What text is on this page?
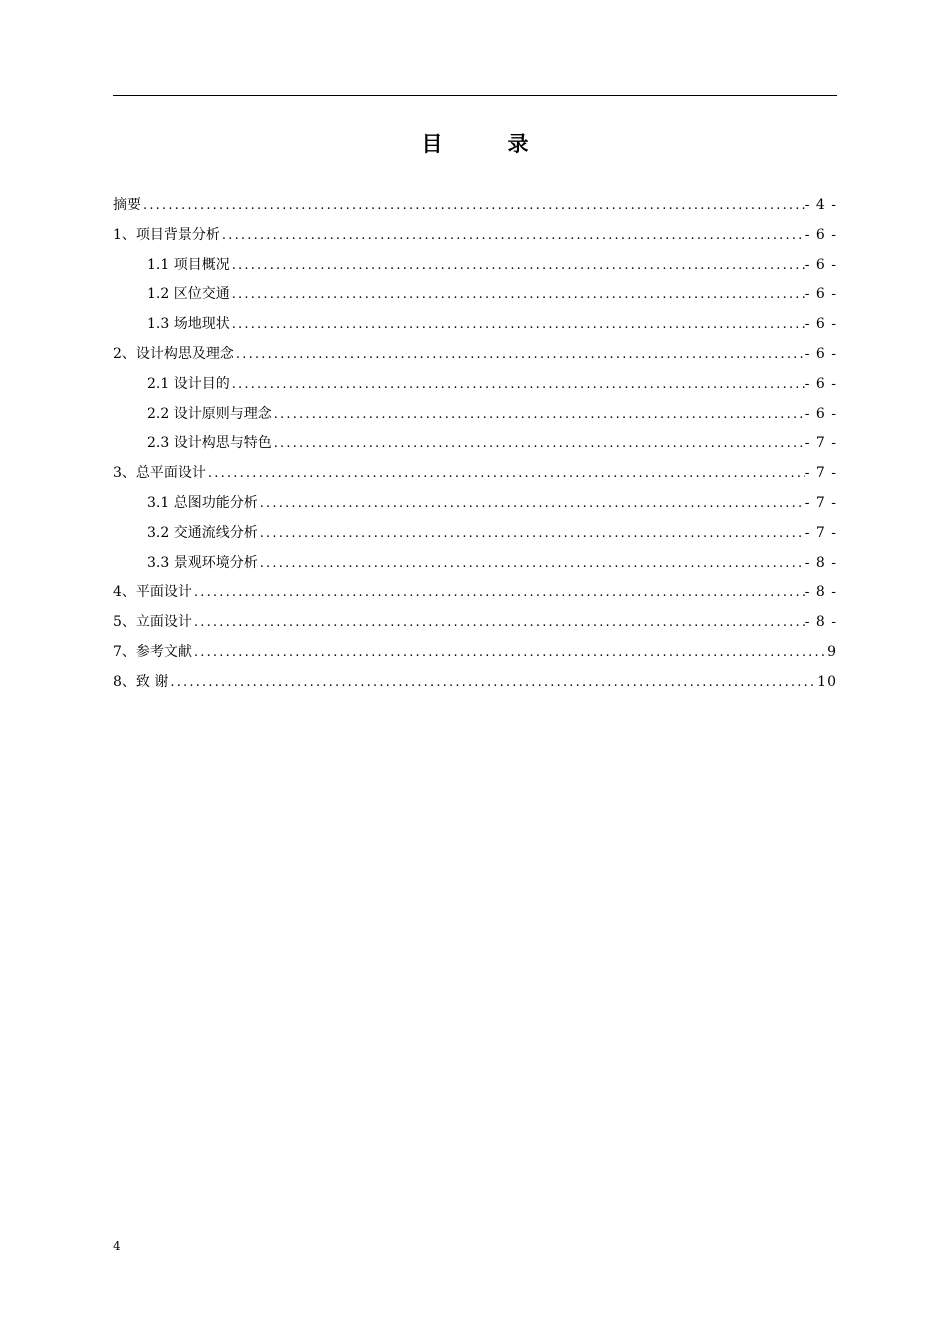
目　录
摘要 .....	- 4 -
1、项目背景分析 .....	- 6 -
1.1 项目概况 .....	- 6 -
1.2 区位交通 .....	- 6 -
1.3 场地现状 .....	- 6 -
2、设计构思及理念 .....	- 6 -
2.1 设计目的 .....	- 6 -
2.2 设计原则与理念 .....	- 6 -
2.3 设计构思与特色 .....	- 7 -
3、总平面设计 .....	- 7 -
3.1 总图功能分析 .....	- 7 -
3.2 交通流线分析 .....	- 7 -
3.3 景观环境分析 .....	- 8 -
4、平面设计 .....	- 8 -
5、立面设计 .....	- 8 -
7、参考文献 .....	9
8、致 谢 .....	10
4
